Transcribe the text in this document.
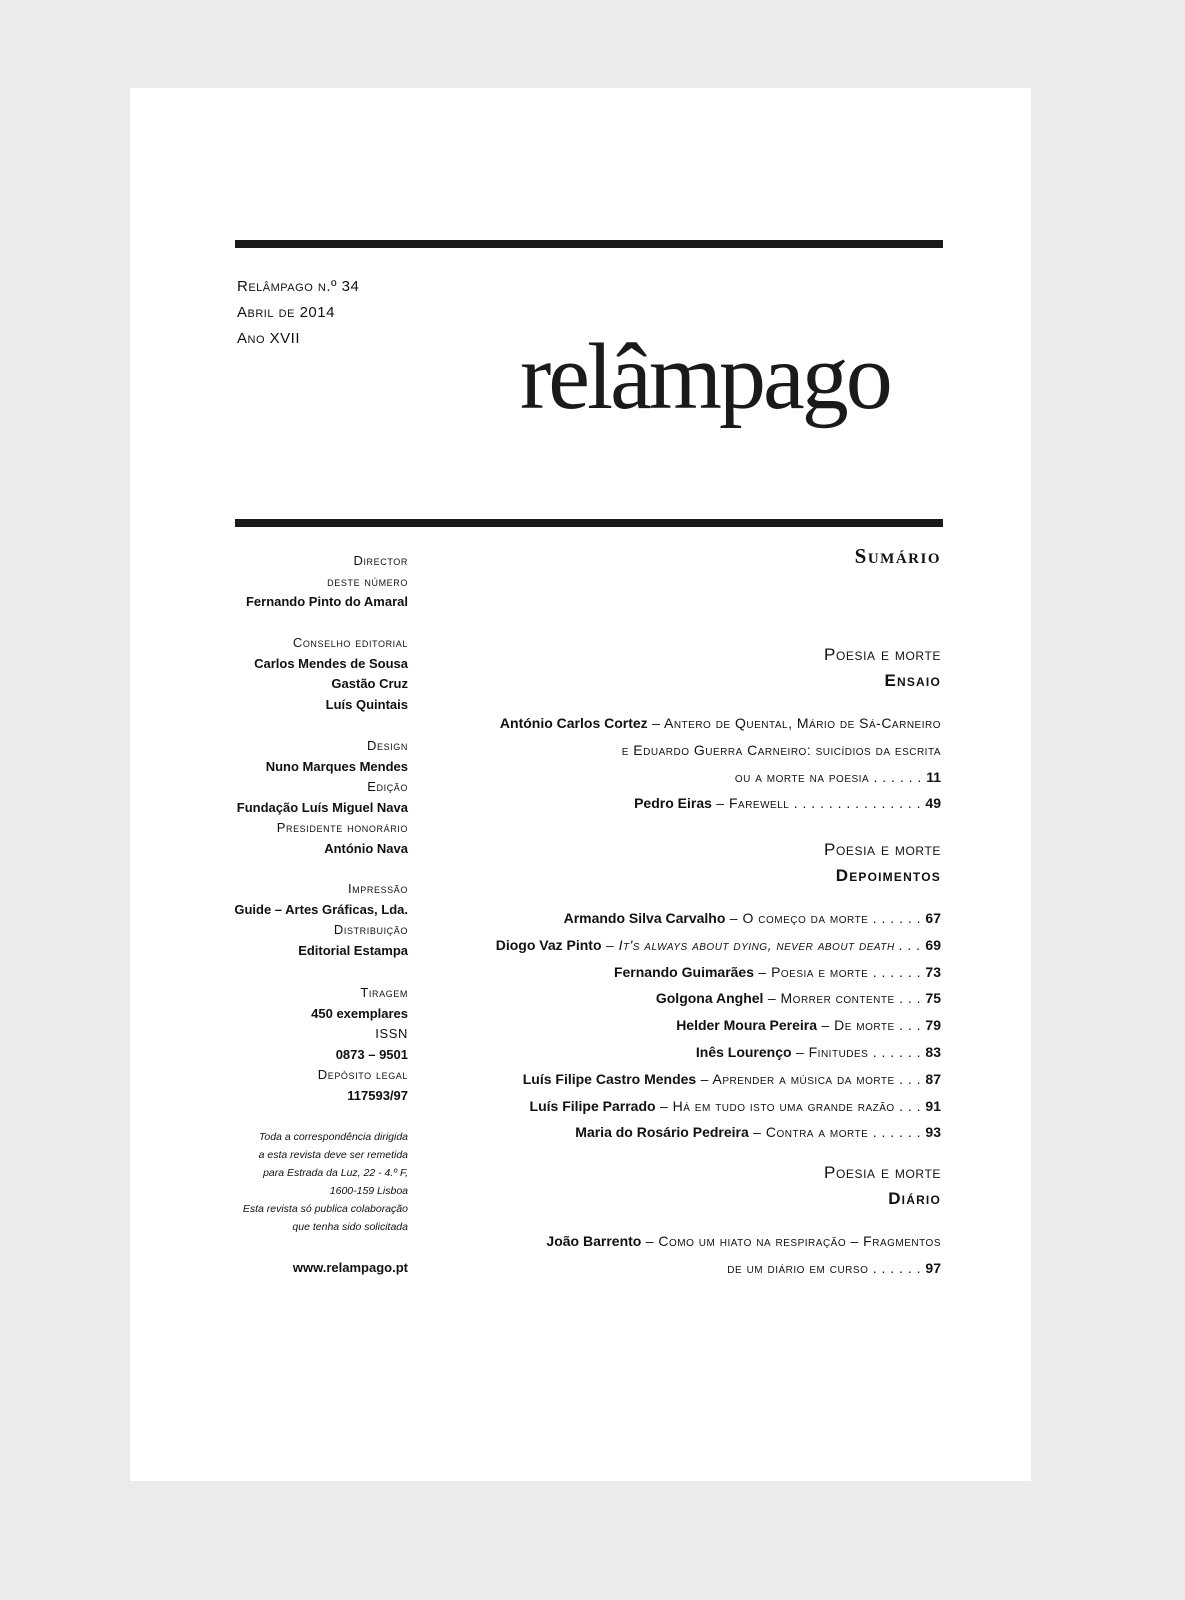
Relâmpago n.º 34
Abril de 2014
Ano XVII	relâmpago
Director
deste número
Fernando Pinto do Amaral
Conselho editorial
Carlos Mendes de Sousa
Gastão Cruz
Luís Quintais
Design
Nuno Marques Mendes
Edição
Fundação Luís Miguel Nava
Presidente honorário
António Nava
Impressão
Guide – Artes Gráficas, Lda.
Distribuição
Editorial Estampa
Tiragem
450 exemplares
ISSN
0873 – 9501
Depósito legal
117593/97
Toda a correspondência dirigida
a esta revista deve ser remetida
para Estrada da Luz, 22 - 4.º F,
1600-159 Lisboa
Esta revista só publica colaboração
que tenha sido solicitada
www.relampago.pt
Sumário
Poesia e morte
Ensaio
António Carlos Cortez – Antero de Quental, Mário de Sá-Carneiro
e Eduardo Guerra Carneiro: suicídios da escrita
ou a morte na poesia . . . . . . 11
Pedro Eiras – Farewell . . . . . . . . . . . . . . . 49
Poesia e morte
Depoimentos
Armando Silva Carvalho – O começo da morte . . . . . . 67
Diogo Vaz Pinto – It's always about dying, never about death . . . 69
Fernando Guimarães – Poesia e morte . . . . . . 73
Golgona Anghel – Morrer contente . . . 75
Helder Moura Pereira – De morte . . . 79
Inês Lourenço – Finitudes . . . . . . 83
Luís Filipe Castro Mendes – Aprender a música da morte . . . 87
Luís Filipe Parrado – Há em tudo isto uma grande razão . . . 91
Maria do Rosário Pedreira – Contra a morte . . . . . . 93
Poesia e morte
Diário
João Barrento – Como um hiato na respiração – Fragmentos
de um diário em curso . . . . . . 97
